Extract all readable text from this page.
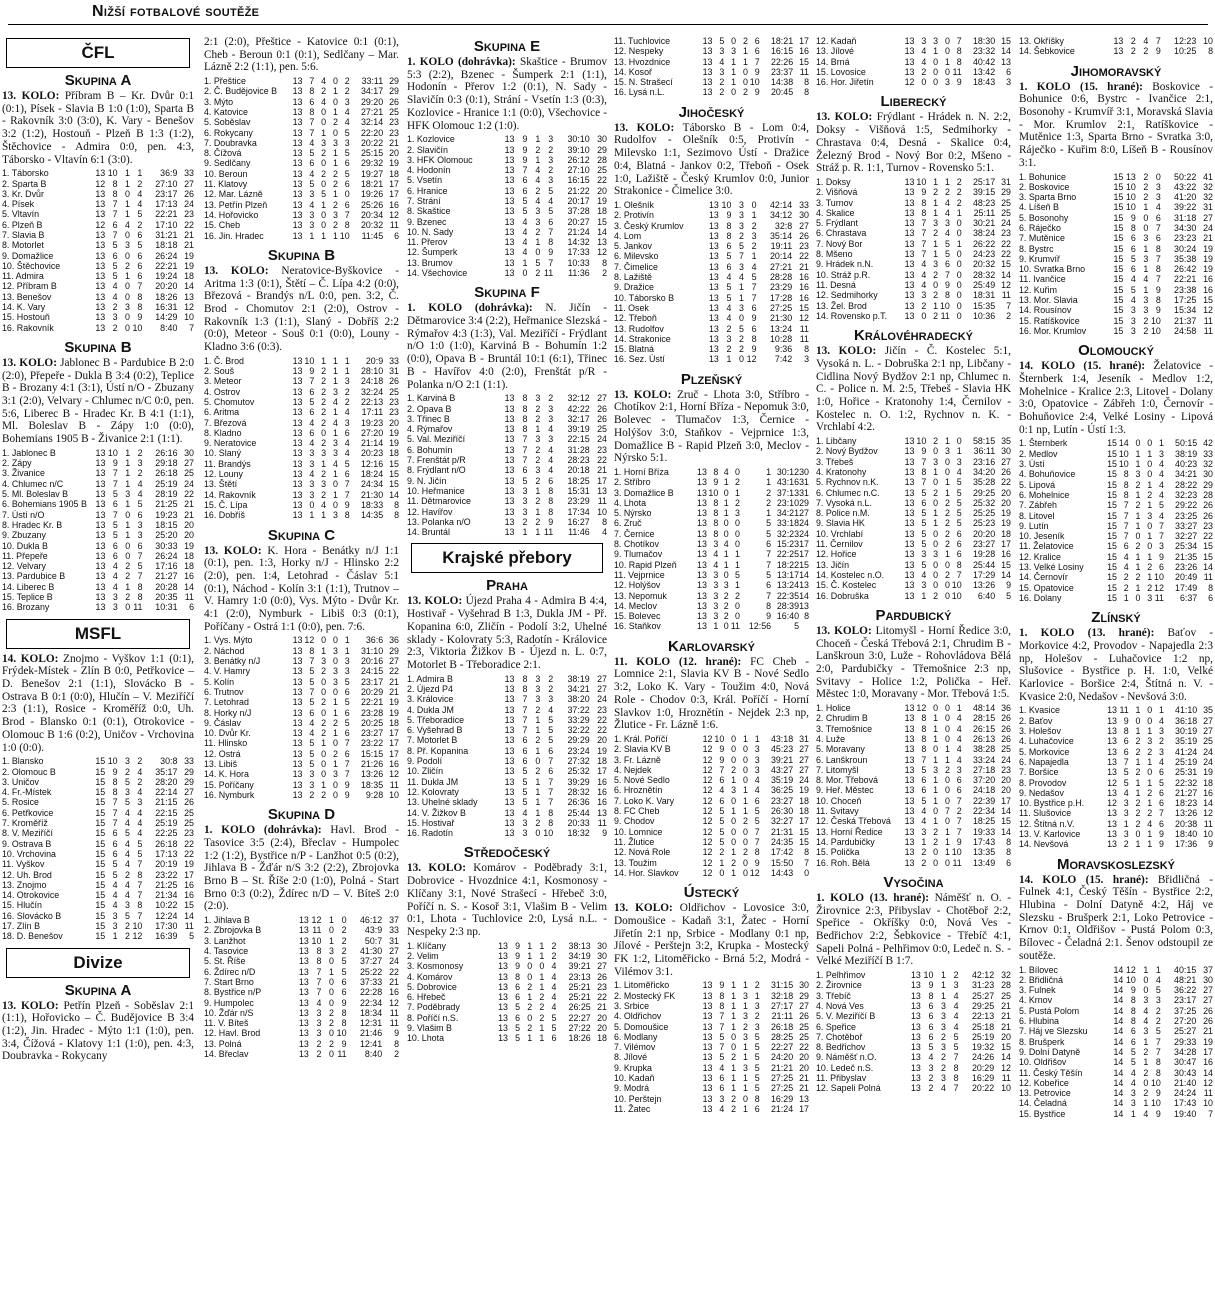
Nižší fotbalové soutěže
ČFL
Skupina A
13. KOLO: Příbram B – Kr. Dvůr 0:1 (0:1), Písek - Slavia B 1:0 (1:0), Sparta B - Rakovník 3:0 (3:0), K. Vary - Benešov 3:2 (1:2), Hostouň - Plzeň B 1:3 (1:2), Štěchovice - Admira 0:0, pen. 4:3, Táborsko - Vltavín 6:1 (3:0).
1. Táborsko	13	10	1	1	36:9	33
2. Sparta B	12	8	1	2	27:10	27
3. Kr. Dvůr	13	8	0	4	23:17	26
4. Písek	13	7	1	4	17:13	24
5. Vltavín	13	7	1	5	22:21	23
6. Plzeň B	12	6	4	2	17:10	22
7. Slavia B	13	7	0	6	31:21	21
8. Motorlet	13	5	3	5	18:18	21
9. Domažlice	13	6	0	6	26:24	19
10. Štěchovice	13	5	2	6	22:21	19
11. Admira	13	5	1	6	19:24	18
12. Příbram B	13	4	0	7	20:20	14
13. Benešov	13	4	0	8	18:26	13
14. K. Vary	13	2	3	8	16:31	12
15. Hostouň	13	3	0	9	14:29	10
16. Rakovník	13	2	0	10	8:40	7
Skupina B
13. KOLO: Jablonec B - Pardubice B 2:0 (2:0), Přepeře - Dukla B 3:4 (0:2), Teplice B - Brozany 4:1 (3:1), Ústí n/O - Zbuzany 3:1 (2:0), Velvary - Chlumec n/C 0:0, pen. 5:6, Liberec B - Hradec Kr. B 4:1 (1:1), Ml. Boleslav B - Zápy 1:0 (0:0), Bohemians 1905 B - Živanice 2:1 (1:1).
1. Jablonec B	13	10	1	2	26:16	30
2. Zápy	13	9	1	3	29:18	27
3. Živanice	13	7	1	2	26:18	25
4. Chlumec n/C	13	7	1	4	25:19	24
5. Ml. Boleslav B	13	5	3	4	28:19	22
6. Bohemians 1905 B	13	6	1	5	21:25	21
7. Ústí n/O	13	7	0	6	19:23	21
8. Hradec Kr. B	13	5	1	3	18:15	20
9. Zbuzany	13	5	1	3	25:20	20
10. Dukla B	13	6	0	6	30:33	19
11. Přepeře	13	6	0	7	26:24	18
12. Velvary	13	4	2	5	17:16	18
13. Pardubice B	13	4	2	7	21:27	16
14. Liberec B	13	4	1	8	20:28	14
15. Teplice B	13	3	2	8	20:35	11
16. Brozany	13	3	0	11	10:31	6
MSFL
14. KOLO: Znojmo - Vyškov 1:1 (0:1), Frýdek-Místek - Zlín B 0:0, Petřkovice – D. Benešov 2:1 (1:1), Slovácko B - Ostrava B 0:1 (0:0), Hlučín – V. Meziříčí 2:3 (1:1), Rosice - Kroměříž 0:0, Uh. Brod - Blansko 0:1 (0:1), Otrokovice - Olomouc B 1:6 (0:2), Uničov - Vrchovina 1:0 (0:0).
1. Blansko	15	10	3	2	30:8	33
2. Olomouc B	15	9	2	4	35:17	29
3. Uničov	15	8	5	2	28:20	29
4. Fr.-Místek	15	8	3	4	22:14	27
5. Rosice	15	7	5	3	21:15	26
6. Petřkovice	15	7	4	4	22:15	25
7. Kroměříž	15	7	4	4	25:19	25
8. V. Meziříčí	15	6	5	4	22:25	23
9. Ostrava B	15	6	4	5	26:18	22
10. Vrchovina	15	6	4	5	17:13	22
11. Vyškov	15	5	4	7	20:19	19
12. Uh. Brod	15	5	2	8	23:22	17
13. Znojmo	15	4	4	7	21:25	16
14. Otrokovice	15	4	4	7	21:34	16
15. Hlučín	15	4	3	8	10:22	15
16. Slovácko B	15	3	5	7	12:24	14
17. Zlín B	15	3	2	10	17:30	11
18. D. Benešov	15	1	2	12	16:39	5
Divize
Skupina A
13. KOLO: Petřín Plzeň - Soběslav 2:1 (1:1), Hořovicko – Č. Budějovice B 3:4 (1:2), Jin. Hradec - Mýto 1:1 (1:0), pen. 3:4, Čížová - Klatovy 1:1 (1:0), pen. 4:3, Doubravka - Rokycany
2:1 (2:0), Přeštice - Katovice 0:1 (0:1), Cheb - Beroun 0:1 (0:1), Sedlčany – Mar. Lázně 2:2 (1:1), pen. 5:6.
1. Přeštice	13	7	4	0	2	33:11	29
2. Č. Budějovice B	13	8	2	1	2	34:17	29
3. Mýto	13	6	4	0	3	29:20	26
4. Katovice	13	8	0	1	4	27:21	25
5. Soběslav	13	7	0	2	4	32:14	23
6. Rokycany	13	7	1	0	5	22:20	23
7. Doubravka	13	4	3	3	3	20:22	21
8. Čížová	13	5	2	1	5	25:15	20
9. Sedlčany	13	6	0	1	6	29:32	19
10. Beroun	13	4	2	2	5	19:27	18
11. Klatovy	13	5	0	2	6	18:21	17
12. Mar. Lázně	13	3	5	1	0	19:26	17
13. Petřín Plzeň	13	4	1	2	6	25:26	16
14. Hořovicko	13	3	0	3	7	20:34	12
15. Cheb	13	3	0	2	8	20:32	11
16. Jin. Hradec	13	1	1	1	10	11:45	6
Skupina B
13. KOLO: Neratovice-Byškovice - Aritma 1:3 (0:1), Štětí – Č. Lípa 4:2 (0:0), Březová - Brandýs n/L 0:0, pen. 3:2, Č. Brod - Chomutov 2:1 (2:0), Ostrov - Rakovník 1:3 (1:1), Slaný - Dobříš 2:2 (0:0), Meteor - Souš 0:1 (0:0), Louny - Kladno 3:6 (0:3).
1. Č. Brod	13	10	1	1	1	20:9	33
2. Souš	13	9	2	1	1	28:10	31
3. Meteor	13	7	2	1	3	24:18	26
4. Ostrov	13	6	2	3	2	32:24	25
5. Chomutov	13	5	2	4	2	22:13	23
6. Aritma	13	6	2	1	4	17:11	23
7. Březová	13	4	2	4	3	19:23	20
8. Kladno	13	6	0	1	6	27:20	19
9. Neratovice	13	4	2	3	4	21:14	19
10. Slaný	13	3	3	3	4	20:23	18
11. Brandýs	13	3	1	4	5	12:16	15
12. Louny	13	4	2	1	6	18:24	15
13. Štětí	13	3	3	0	7	24:34	15
14. Rakovník	13	3	2	1	7	21:30	14
15. Č. Lípa	13	0	4	0	9	18:33	8
16. Dobříš	13	1	1	3	8	14:35	8
Skupina C
13. KOLO: K. Hora - Benátky n/J 1:1 (0:1), pen. 1:3, Horky n/J - Hlinsko 2:2 (2:0), pen. 1:4, Letohrad - Čáslav 5:1 (0:1), Náchod - Kolín 3:1 (1:1), Trutnov – V. Hamry 1:0 (0:0), Vys. Mýto - Dvůr Kr. 4:1 (2:0), Nymburk - Libiš 0:3 (0:1), Poříčany - Ostrá 1:1 (0:0), pen. 7:6.
1. Vys. Mýto	13	12	0	0	1	36:6	36
2. Náchod	13	8	1	3	1	31:10	29
3. Benátky n/J	13	7	3	0	3	20:16	27
4. V. Hamry	13	5	2	3	3	24:15	22
5. Kolín	13	5	0	3	5	23:17	21
6. Trutnov	13	7	0	0	6	20:29	21
7. Letohrad	13	5	2	1	5	22:21	19
8. Horky n/J	13	6	0	1	6	23:28	19
9. Čáslav	13	4	2	2	5	20:25	18
10. Dvůr Kr.	13	4	2	1	6	23:27	17
11. Hlinsko	13	5	1	0	7	23:22	17
12. Ostrá	13	5	0	2	6	15:15	17
13. Libiš	13	5	0	1	7	21:26	16
14. K. Hora	13	3	0	3	7	13:26	12
15. Poříčany	13	3	1	0	9	18:35	11
16. Nymburk	13	2	2	0	9	9:28	10
Skupina D
1. KOLO (dohrávka): Havl. Brod - Tasovice 3:5 (2:4), Břeclav - Humpolec 1:2 (1:2), Bystřice n/P - Lanžhot 0:5 (0:2), Jihlava B - Žďár n/S 3:2 (2:2), Zbrojovka Brno B – St. Říše 2:0 (1:0), Polná - Start Brno 0:3 (0:2), Ždírec n/D – V. Bíteš 2:0 (2:0).
1. Jihlava B	13	12	1	0	46:12	37
2. Zbrojovka B	13	11	0	2	43:9	33
3. Lanžhot	13	10	1	2	50:7	31
4. Tasovice	13	8	3	2	41:30	27
5. St. Říše	13	8	0	5	37:27	24
6. Ždírec n/D	13	7	1	5	25:22	22
7. Start Brno	13	7	0	6	37:33	21
8. Bystřice n/P	13	7	0	6	22:28	16
9. Humpolec	13	4	0	9	22:34	12
10. Žďár n/S	13	3	2	8	18:34	11
11. V. Bíteš	13	3	2	8	12:31	11
12. Havl. Brod	13	3	0	10	21:46	9
13. Polná	13	2	2	9	12:41	8
14. Břeclav	13	2	0	11	8:40	2
Skupina E
1. KOLO (dohrávka): Skaštice - Brumov 5:3 (2:2), Bzenec - Šumperk 2:1 (1:1), Hodonín - Přerov 1:2 (0:1), N. Sady - Slavičín 0:3 (0:1), Strání - Vsetín 1:3 (0:3), Kozlovice - Hranice 1:1 (0:0), Všechovice - HFK Olomouc 1:2 (1:0).
1. Kozlovice	13	9	1	3	30:10	30
2. Slavičín	13	9	2	2	39:10	29
3. HFK Olomouc	13	9	1	3	26:12	28
4. Hodonín	13	7	4	2	27:10	25
5. Vsetín	13	6	4	3	16:15	22
6. Hranice	13	6	2	5	21:22	20
7. Strání	13	5	4	4	20:17	19
8. Skaštice	13	5	3	5	37:28	18
9. Bzenec	13	4	3	6	20:27	15
10. N. Sady	13	4	2	7	21:24	14
11. Přerov	13	4	1	8	14:32	13
12. Šumperk	13	4	0	9	17:33	12
13. Brumov	13	1	5	7	10:33	8
14. Všechovice	13	0	2	11	11:36	2
Skupina F
1. KOLO (dohrávka): N. Jičín - Dětmarovice 3:4 (2:2), Heřmanice Slezská - Rýmařov 4:3 (1:3), Val. Meziříčí - Frýdlant n/O 1:0 (1:0), Karviná B - Bohumín 1:2 (0:0), Opava B - Bruntál 10:1 (6:1), Třinec B - Havířov 4:0 (2:0), Frenštát p/R - Polanka n/O 2:1 (1:1).
1. Karviná B	13	8	3	2	32:12	27
2. Opava B	13	8	2	3	42:22	26
3. Třinec B	13	8	2	3	32:17	26
4. Rýmařov	13	8	1	4	39:19	25
5. Val. Meziříčí	13	7	3	3	22:15	24
6. Bohumín	13	7	2	4	31:28	23
7. Frenštát p/R	13	7	2	4	28:23	22
8. Frýdlant n/O	13	6	3	4	20:18	21
9. N. Jičín	13	5	2	6	18:25	17
10. Heřmanice	13	3	1	8	15:31	13
11. Dětmarovice	13	3	2	8	23:29	11
12. Havířov	13	3	1	8	17:34	10
13. Polanka n/O	13	2	2	9	16:27	8
14. Bruntál	13	1	1	11	11:46	4
Krajské přebory
Praha
13. KOLO: Újezd Praha 4 - Admira B 4:4, Hostivař - Vyšehrad B 1:3, Dukla JM - Př. Kopanina 6:0, Zličín - Podolí 3:2, Uhelné sklady - Kolovraty 5:3, Radotín - Královice 2:3, Viktoria Žižkov B - Újezd n. L. 0:7, Motorlet B - Třeboradice 2:1.
1. Admira B	13	8	3	2	38:19	27
2. Újezd P4	13	8	3	2	34:21	27
3. Královice	13	7	3	3	38:20	24
4. Dukla JM	13	7	2	4	37:22	23
5. Třeboradice	13	7	1	5	33:29	22
6. Vyšehrad B	13	7	1	5	32:22	22
7. Motorlet B	13	6	2	5	29:29	20
8. Př. Kopanina	13	6	1	6	23:24	19
9. Podolí	13	6	0	7	27:32	18
10. Zličín	13	5	2	6	25:32	17
11. Dukla JM	13	5	1	7	39:29	16
12. Kolovraty	13	5	1	7	28:32	16
13. Uhelné sklady	13	5	1	7	26:36	16
14. V. Žižkov B	13	4	1	8	25:44	13
15. Hostivař	13	3	2	8	20:33	11
16. Radotín	13	3	0	10	18:32	9
Středočeský
13. KOLO: Komárov - Poděbrady 3:1, Dobrovice - Hvozdnice 4:1, Kosmonosy - Klíčany 3:1, Nové Strašecí - Hřebeč 3:0, Poříčí n. S. - Kosoř 3:1, Vlašim B - Velim 0:1, Lhota - Tuchlovice 2:0, Lysá n.L. - Nespeky 2:3 np.
1. Klíčany	13	9	1	1	2	38:13	30
2. Velim	13	9	1	1	2	34:19	30
3. Kosmonosy	13	9	0	0	4	39:21	27
4. Komárov	13	8	0	1	4	23:13	26
5. Dobrovice	13	6	2	1	4	25:21	23
6. Hřebeč	13	6	1	2	4	25:21	22
7. Poděbrady	13	5	2	2	4	26:25	21
8. Poříčí n.S.	13	6	0	2	5	22:27	20
9. Vlašim B	13	5	2	1	5	27:22	20
10. Lhota	13	5	1	1	6	18:26	18
11. Tuchlovice	13	5	0	2	6	18:21	17
12. Nespeky	13	3	3	1	6	16:15	16
13. Hvozdnice	13	4	1	1	7	22:26	15
14. Kosoř	13	3	1	0	9	23:37	11
15. N. Strašecí	13	2	1	0	10	14:38	8
16. Lysá n.L.	13	2	0	2	9	20:45	8
Jihočeský
13. KOLO: Táborsko B - Lom 0:4, Rudolfov - Olešník 0:5, Protivín - Milevsko 1:1, Sezimovo Ústí - Dražice 0:4, Blatná - Jankov 0:2, Třeboň - Osek 1:0, Lažiště - Český Krumlov 0:0, Junior Strakonice - Čimelice 3:0.
1. Olešník	13	10	3	0	42:14	33
2. Protivín	13	9	3	1	34:12	30
3. Český Krumlov	13	8	3	2	32:8	27
4. Lom	13	8	2	3	35:14	26
5. Jankov	13	6	5	2	19:11	23
6. Milevsko	13	5	7	1	20:14	22
7. Čimelice	13	6	3	4	27:21	21
8. Lažiště	13	4	4	5	28:28	16
9. Dražice	13	5	1	7	23:29	16
10. Táborsko B	13	5	1	7	17:28	16
11. Osek	13	4	3	6	27:25	15
12. Třeboň	13	4	0	9	21:30	12
13. Rudolfov	13	2	5	6	13:24	11
14. Strakonice	13	3	2	8	10:28	11
15. Blatná	13	2	2	9	9:36	8
16. Sez. Ústí	13	1	0	12	7:42	3
Plzeňský
13. KOLO: Zruč - Lhota 3:0, Stříbro - Chotíkov 2:1, Horní Bříza - Nepomuk 3:0, Bolevec - Tlumačov 1:3, Černice - Holýšov 3:0, Staňkov - Vejprnice 1:3, Domažlice B - Rapid Plzeň 3:0, Meclov - Nýrsko 5:1.
1. Horní Bříza	13	8	4	0	1	30:12	30
2. Stříbro	13	9	1	2	1	43:16	31
3. Domažlice B	13	10	0	1	2	37:13	31
4. Lhota	13	8	1	2	2	23:10	29
5. Nýrsko	13	8	1	3	1	34:21	27
6. Zruč	13	8	0	0	5	33:18	24
7. Černice	13	8	0	0	5	32:23	24
8. Chotíkov	13	3	4	0	6	15:23	17
9. Tlumačov	13	4	1	1	7	22:25	17
10. Rapid Plzeň	13	4	1	1	7	18:22	15
11. Vejprnice	13	3	0	5	5	13:17	14
12. Holýšov	13	3	3	1	6	13:24	13
13. Nepomuk	13	3	2	2	7	22:35	14
14. Meclov	13	3	2	0	8	28:39	13
15. Bolevec	13	3	2	0	9	16:40	8
16. Staňkov	13	1	0	11	12:56	5	
Karlovarský
11. KOLO (12. hrané): FC Cheb - Lomnice 2:1, Slavia KV B - Nové Sedlo 3:2, Loko K. Vary - Toužim 4:0, Nová Role - Chodov 0:3, Král. Poříčí - Horní Slavkov 1:0, Hroznětín - Nejdek 2:3 np, Žlutice - Fr. Lázně 1:6.
1. Král. Poříčí	12	10	0	1	1	43:18	31
2. Slavia KV B	12	9	0	0	3	45:23	27
3. Fr. Lázně	12	9	0	0	3	39:21	27
4. Nejdek	12	7	2	0	3	43:27	27
5. Nové Sedlo	12	6	1	0	4	35:19	24
6. Hroznětín	12	4	3	1	4	36:25	19
7. Loko K. Vary	12	6	0	1	6	23:27	18
8. FC Cheb	12	5	1	1	5	26:30	18
9. Chodov	12	5	0	2	5	32:27	17
10. Lomnice	12	5	0	0	7	21:31	15
11. Žlutice	12	5	0	0	7	24:35	15
12. Nová Role	12	2	1	2	8	17:42	8
13. Toužim	12	1	2	0	9	15:50	7
14. Hor. Slavkov	12	0	1	0	12	14:43	0
Ústecký
13. KOLO: Oldřichov - Lovosice 3:0, Domoušice - Kadaň 3:1, Žatec - Horní Jiřetín 2:1 np, Srbice - Modlany 0:1 np, Jílové - Perštejn 3:2, Krupka - Mostecký FK 1:2, Litoměřicko - Brná 5:2, Modrá - Vilémov 3:1.
1. Litoměřicko	13	9	1	1	2	31:15	30
2. Mostecký FK	13	8	1	3	1	32:18	29
3. Srbice	13	8	1	1	3	27:17	27
4. Oldřichov	13	7	1	3	2	21:11	26
5. Domoušice	13	7	1	2	3	26:18	25
6. Modlany	13	5	0	3	5	28:25	25
7. Vilémov	13	7	0	1	5	22:27	22
8. Jílové	13	5	2	1	5	24:20	20
9. Krupka	13	4	1	3	5	21:21	20
10. Kadaň	13	6	1	1	5	27:25	21
9. Modrá	13	6	1	1	5	27:25	21
10. Perštejn	13	3	2	0	8	16:29	13
11. Žatec	13	4	2	1	6	21:24	17
12. Kadaň	13	3	3	0	7	18:30	15
13. Jílové	13	4	1	0	8	23:32	14
14. Brná	13	4	0	1	8	40:42	13
15. Lovosice	13	2	0	0	11	13:42	6
16. Hor. Jiřetín	12	0	0	3	9	18:43	3
Liberecký
13. KOLO: Frýdlant - Hrádek n. N. 2:2, Doksy - Višňová 1:5, Sedmihorky - Chrastava 0:4, Desná - Skalice 0:4, Železný Brod - Nový Bor 0:2, Mšeno - Stráž p. R. 1:1, Turnov - Rovensko 5:1.
1. Doksy	13	10	1	1	2	25:17	31
2. Višňová	13	9	2	2	2	39:15	29
3. Turnov	13	8	1	4	2	48:23	25
4. Skalice	13	8	1	4	1	25:11	25
5. Frýdlant	13	7	3	3	0	30:21	24
6. Chrastava	13	7	2	4	0	38:24	23
7. Nový Bor	13	7	1	5	1	26:22	22
8. Mšeno	13	7	1	5	0	24:23	22
9. Hrádek n.N.	13	4	3	6	0	20:32	15
10. Stráž p.R.	13	4	2	7	0	28:32	14
11. Desná	13	4	0	9	0	25:49	12
12. Sedmihorky	13	3	2	8	0	18:31	11
13. Žel. Brod	13	2	1	10	0	15:35	7
14. Rovensko p.T.	13	0	2	11	0	10:36	2
Královéhradecký
13. KOLO: Jičín - Č. Kostelec 5:1, Vysoká n. L. - Dobruška 2:1 np, Libčany - Cidlina Nový Bydžov 2:1 np, Chlumec n. C. - Police n. M. 2:5, Třebeš - Slavia HK 1:0, Hořice - Kratonohy 1:4, Černilov - Kostelec n. O. 1:2, Rychnov n. K. - Vrchlabí 4:2.
1. Libčany	13	10	2	1	0	58:15	35
2. Nový Bydžov	13	9	0	3	1	36:11	30
3. Třebeš	13	7	3	0	3	23:16	27
4. Kratonohy	13	8	1	0	4	34:20	26
5. Rychnov n.K.	13	7	0	1	5	35:28	22
6. Chlumec n.C.	13	5	2	1	5	29:25	20
7. Vysoká n.L.	13	6	0	2	5	25:32	20
8. Police n.M.	13	5	1	2	5	25:25	19
9. Slavia HK	13	5	1	2	5	25:23	19
10. Vrchlabí	13	5	0	2	6	20:20	18
11. Černilov	13	5	0	2	6	23:27	17
12. Hořice	13	3	3	1	6	19:28	16
13. Jičín	13	5	0	0	8	25:44	15
14. Kostelec n.O.	13	4	0	2	7	17:29	14
15. Č. Kostelec	13	3	0	0	10	13:26	9
16. Dobruška	13	1	2	0	10	6:40	5
Pardubický
13. KOLO: Litomyšl - Horní Ředice 3:0, Choceň - Česká Třebová 2:1, Chrudim B - Lanškroun 3:0, Luže - Rohovládova Bělá 2:0, Pardubičky - Třemošnice 2:3 np, Svitavy - Holice 1:2, Polička - Heř. Městec 1:0, Moravany - Mor. Třebová 1:5.
1. Holice	13	12	0	0	1	48:14	36
2. Chrudim B	13	8	1	0	4	28:15	26
3. Třemošnice	13	8	1	0	4	26:15	26
4. Luže	13	8	1	0	4	26:13	26
5. Moravany	13	8	0	1	4	38:28	25
6. Lanškroun	13	7	1	1	4	33:24	24
7. Litomyšl	13	5	3	2	3	27:18	23
8. Mor. Třebová	13	6	1	0	6	37:20	20
9. Heř. Městec	13	6	1	0	6	24:18	20
10. Choceň	13	5	1	0	7	22:39	17
11. Svitavy	13	4	0	7	2	22:34	14
12. Česká Třebová	13	4	1	0	7	18:25	15
13. Horní Ředice	13	3	2	1	7	19:33	14
14. Pardubičky	13	1	2	1	9	17:43	8
15. Polička	13	2	0	1	10	13:35	8
16. Roh. Bělá	13	2	0	0	11	13:49	6
Vysočina
1. KOLO (13. hrané): Náměšť n. O. - Žirovnice 2:3, Přibyslav - Chotěboř 2:2, Speřice - Okříšky 0:0, Nová Ves - Bedřichov 2:2, Šebkovice - Třebíč 4:1, Sapeli Polná - Pelhřimov 0:0, Ledeč n. S. - Velké Meziříčí B 1:7.
1. Pelhřimov	13	10	1	2	42:12	32
2. Žirovnice	13	9	1	3	31:23	28
3. Třebíč	13	8	1	4	25:27	25
4. Nová Ves	13	6	3	4	29:25	21
5. V. Meziříčí B	13	6	3	4	22:13	21
6. Speřice	13	6	3	4	25:18	21
7. Chotěboř	13	6	2	5	25:19	20
8. Bedřichov	13	5	3	5	19:32	15
9. Náměšť n.O.	13	4	2	7	24:26	14
10. Ledeč n.S.	13	3	2	8	20:29	12
11. Přibyslav	13	2	3	8	16:29	11
12. Sapeli Polná	13	2	4	7	20:22	10
13. Okříšky	13	2	4	7	12:23	10
14. Šebkovice	13	2	2	9	10:25	8
Jihomoravský
1. KOLO (15. hrané): Boskovice - Bohunice 0:6, Bystrc - Ivančice 2:1, Bosonohy - Krumvíř 3:1, Moravská Slavia - Mor. Krumlov 2:1, Ratíškovice - Mutěnice 1:3, Sparta Brno - Svratka 3:0, Ráječko - Kuřim 8:0, Líšeň B - Rousínov 3:1.
1. Bohunice	15	13	2	0	50:22	41
2. Boskovice	15	10	2	3	43:22	32
3. Sparta Brno	15	10	2	3	41:20	32
4. Líšeň B	15	10	1	4	39:22	31
5. Bosonohy	15	9	0	6	31:18	27
6. Ráječko	15	8	0	7	34:30	24
7. Mutěnice	15	6	3	6	23:23	21
8. Bystrc	15	6	1	8	30:24	19
9. Krumvíř	15	5	3	7	35:38	19
10. Svratka Brno	15	6	1	8	26:42	19
11. Ivančice	15	4	4	7	22:21	16
12. Kuřim	15	5	1	9	23:38	16
13. Mor. Slavia	15	4	3	8	17:25	15
14. Rousínov	15	3	3	9	15:34	12
15. Ratíškovice	15	3	2	10	21:37	11
16. Mor. Krumlov	15	3	2	10	24:58	11
Olomoucký
14. KOLO (15. hrané): Želatovice - Šternberk 1:4, Jeseník - Medlov 1:2, Mohelnice - Kralice 2:3, Litovel - Dolany 3:0, Opatovice - Zábřeh 1:0, Černovír - Bohuňovice 2:4, Velké Losiny - Lipová 0:1 np, Lutín - Ústí 1:3.
1. Šternberk	15	14	0	0	1	50:15	42
2. Medlov	15	10	1	1	3	38:19	33
3. Ústí	15	10	1	0	4	40:23	32
4. Bohuňovice	15	8	3	0	4	34:21	30
5. Lipová	15	8	2	1	4	28:22	29
6. Mohelnice	15	8	1	2	4	32:23	28
7. Zábřeh	15	7	2	1	5	29:22	26
8. Litovel	15	7	1	3	4	23:25	26
9. Lutín	15	7	1	0	7	33:27	23
10. Jeseník	15	7	0	1	7	32:27	22
11. Želatovice	15	6	2	0	3	25:34	15
12. Kralice	15	4	1	1	9	21:35	15
13. Velké Losiny	15	4	1	2	6	23:26	14
14. Černovír	15	2	2	1	10	20:49	11
15. Opatovice	15	2	1	2	12	17:49	8
16. Dolany	15	1	0	3	11	6:37	6
Zlínský
1. KOLO (13. hrané): Baťov - Morkovice 4:2, Provodov - Napajedla 2:3 np, Holešov - Luhačovice 1:2 np, Slušovice - Bystřice p. H. 1:0, Velké Karlovice - Boršice 2:4, Štítná n. V. - Kvasice 2:0, Nedašov - Nevšová 3:0.
1. Kvasice	13	11	1	0	1	41:10	35
2. Baťov	13	9	0	0	4	36:18	27
3. Holešov	13	8	1	1	3	30:19	27
4. Luhačovice	13	6	2	3	2	35:19	25
5. Morkovice	13	6	2	2	3	41:24	24
6. Napajedla	13	7	1	1	4	25:19	24
7. Boršice	13	5	2	0	6	25:31	19
8. Provodov	12	5	1	1	5	22:32	18
9. Nedašov	13	4	1	2	6	21:27	16
10. Bystřice p.H.	12	3	2	1	6	18:23	14
11. Slušovice	13	3	2	2	7	13:26	12
12. Štítná n.V.	13	1	2	4	6	20:38	11
13. V. Karlovice	13	3	0	1	9	18:40	10
14. Nevšová	13	2	1	1	9	17:36	9
Moravskoslezský
14. KOLO (15. hrané): Břidličná - Fulnek 4:1, Český Těšín - Bystřice 2:2, Hlubina - Dolní Datyně 4:2, Háj ve Slezsku - Brušperk 2:1, Loko Petrovice - Krnov 0:1, Oldřišov - Pustá Polom 0:3, Bílovec - Čeladná 2:1. Šenov odstoupil ze soutěže.
1. Bílovec	14	12	1	1	40:15	37
2. Břidličná	14	10	0	4	48:21	30
3. Fulnek	14	9	0	5	36:22	27
4. Krnov	14	8	3	3	23:17	27
5. Pustá Polom	14	8	4	2	37:25	26
6. Hlubina	14	8	4	2	27:20	26
7. Háj ve Slezsku	14	6	3	5	25:27	21
8. Brušperk	14	6	1	7	29:33	19
9. Dolní Datyně	14	5	2	7	34:28	17
10. Oldřišov	14	5	1	8	30:47	16
11. Český Těšín	14	4	2	8	30:43	14
12. Kobeřice	14	4	0	10	21:40	12
13. Petrovice	14	3	2	9	24:24	11
14. Čeladná	14	3	1	10	17:43	10
15. Bystřice	14	1	4	9	19:40	7
